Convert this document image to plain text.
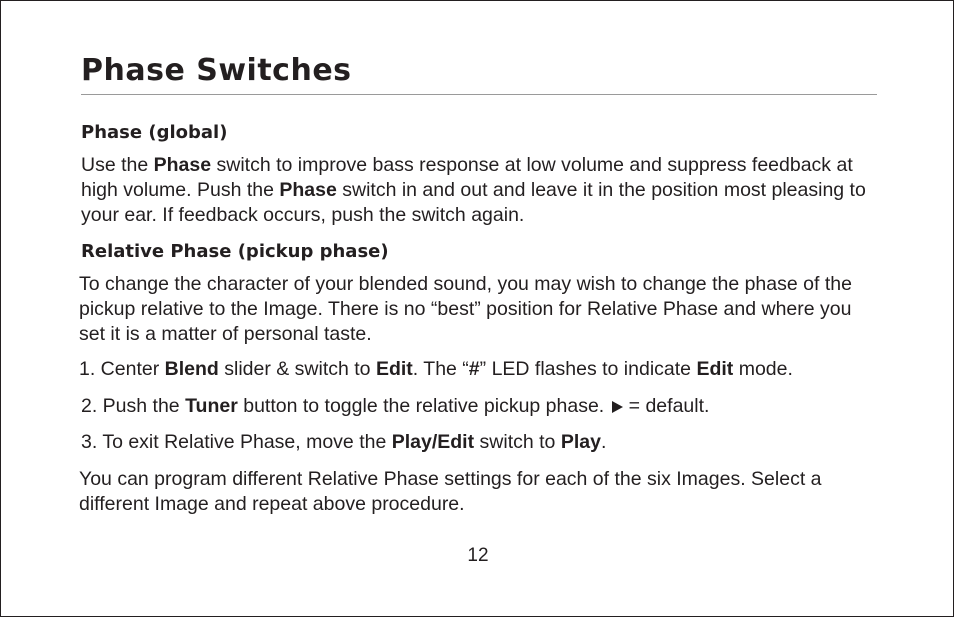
Phase Switches
Phase (global)

Use the Phase switch to improve bass response at low volume and suppress feedback at high volume. Push the Phase switch in and out and leave it in the position most pleasing to your ear. If feedback occurs, push the switch again.

Relative Phase (pickup phase)

To change the character of your blended sound, you may wish to change the phase of the pickup relative to the Image. There is no “best” position for Relative Phase and where you set it is a matter of personal taste.

1. Center Blend slider & switch to Edit. The “#” LED flashes to indicate Edit mode.

2. Push the Tuner button to toggle the relative pickup phase. = default.

3. To exit Relative Phase, move the Play/Edit switch to Play.

You can program different Relative Phase settings for each of the six Images. Select a different Image and repeat above procedure.

12
